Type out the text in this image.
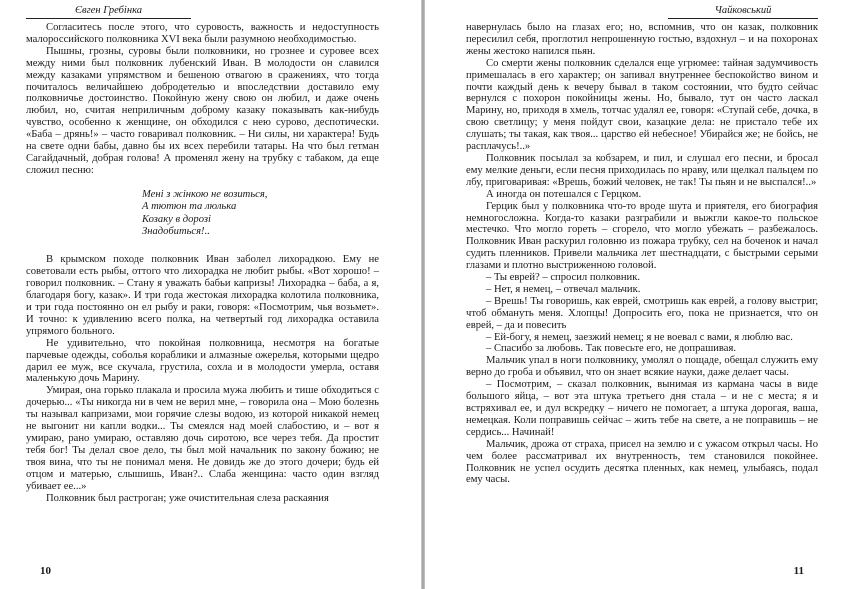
Євген Гребінка

Согласитесь после этого, что суровость, важность и недоступность малороссийского полковника XVI века были разумною необходимостью.

Пышны, грозны, суровы были полковники, но грознее и суровее всех между ними был полковник лубенский Иван. В молодости он славился между казаками упрямством и бешеною отвагою в сражениях, что тогда почиталось величайшею добродетелью и впоследствии доставило ему полковничье достоинство. Покойную жену свою он любил, и даже очень любил, но, считая неприличным доброму казаку показывать как-нибудь чувство, особенно к женщине, он обходился с нею сурово, деспотически. «Баба – дрянь!» – часто говаривал полковник. – Ни силы, ни характера! Будь на свете одни бабы, давно бы их всех перебили татары. На что был гетман Сагайдачный, добрая голова! А променял жену на трубку с табаком, да еще сложил песню:

Мені з жінкою не возиться,
А тютюн та люлька
Козаку в дорозі
Знадобиться!..

В крымском походе полковник Иван заболел лихорадкою. Ему не советовали есть рыбы, оттого что лихорадка не любит рыбы. «Вот хорошо! – говорил полковник. – Стану я уважать бабьи капризы! Лихорадка – баба, а я, благодаря богу, казак». И три года жестокая лихорадка колотила полковника, и три года постоянно он ел рыбу и раки, говоря: «Посмотрим, чья возьмет». И точно: к удивлению всего полка, на четвертый год лихорадка оставила упрямого больного.

Не удивительно, что покойная полковница, несмотря на богатые парчевые одежды, соболья кораблики и алмазные ожерелья, которыми щедро дарил ее муж, все скучала, грустила, сохла и в молодости умерла, оставя маленькую дочь Марину.

Умирая, она горько плакала и просила мужа любить и тише обходиться с дочерью... «Ты никогда ни в чем не верил мне, – говорила она – Мою болезнь ты называл капризами, мои горячие слезы водою, из которой никакой немец не выгонит ни капли водки... Ты смеялся над моей слабостию, и – вот я умираю, рано умираю, оставляю дочь сиротою, все через тебя. Да простит тебя бог! Ты делал свое дело, ты был мой начальник по закону божию; не твоя вина, что ты не понимал меня. Не довидь же до этого дочери; будь ей отцом и матерью, слышишь, Иван?.. Слаба женщина: часто один взгляд убивает ее...»

Полковник был растроган; уже очистительная слеза раскаяния

10
Чайковський

навернулась было на глазах его; но, вспомнив, что он казак, полковник пересилил себя, проглотил непрошенную гостью, вздохнул – и на похоронах жены жестоко напился пьян.

Со смерти жены полковник сделался еще угрюмее: тайная задумчивость примешалась в его характер; он запивал внутреннее беспокойство вином и почти каждый день к вечеру бывал в таком состоянии, что будто сейчас вернулся с похорон покойницы жены. Но, бывало, тут он часто ласкал Марину, но, приходя в хмель, тотчас удалял ее, говоря: «Ступай себе, дочка, в свою светлицу; у меня пойдут свои, казацкие дела: не пристало тебе их слушать; ты такая, как твоя... царство ей небесное! Убирайся же; не бойсь, не расплачусь!..»

Полковник посылал за кобзарем, и пил, и слушал его песни, и бросал ему мелкие деньги, если песня приходилась по нраву, или щелкал пальцем по лбу, приговаривая: «Врешь, божий человек, не так! Ты пьян и не выспался!..»

А иногда он потешался с Герцком.

Герцик был у полковника что-то вроде шута и приятеля, его биография немногосложна. Когда-то казаки разграбили и выжгли какое-то польское местечко. Что могло гореть – сгорело, что могло убежать – разбежалось. Полковник Иван раскурил головню из пожара трубку, сел на боченок и начал судить пленников. Привели мальчика лет шестнадцати, с быстрыми серыми глазами и плотно выстриженною головой.

– Ты еврей? – спросил полковник.

– Нет, я немец, – отвечал мальчик.

– Врешь! Ты говоришь, как еврей, смотришь как еврей, а голову выстриг, чтоб обмануть меня. Хлопцы! Допросить его, пока не признается, что он еврей, – да и повесить

– Ей-богу, я немец, заезжий немец; я не воевал с вами, я люблю вас.

– Спасибо за любовь. Так повесьте его, не допрашивая.

Мальчик упал в ноги полковнику, умолял о пощаде, обещал служить ему верно до гроба и объявил, что он знает всякие науки, даже делает часы.

– Посмотрим, – сказал полковник, вынимая из кармана часы в виде большого яйца, – вот эта штука третьего дня стала – и не с места; я и встряхивал ее, и дул вскредку – ничего не помогает, а штука дорогая, ваша, немецкая. Коли поправишь сейчас – жить тебе на свете, а не поправишь – не сердись... Начинай!

Мальчик, дрожа от страха, присел на землю и с ужасом открыл часы. Но чем более рассматривал их внутренность, тем становился покойнее. Полковник не успел осудить десятка пленных, как немец, улыбаясь, подал ему часы.

11
